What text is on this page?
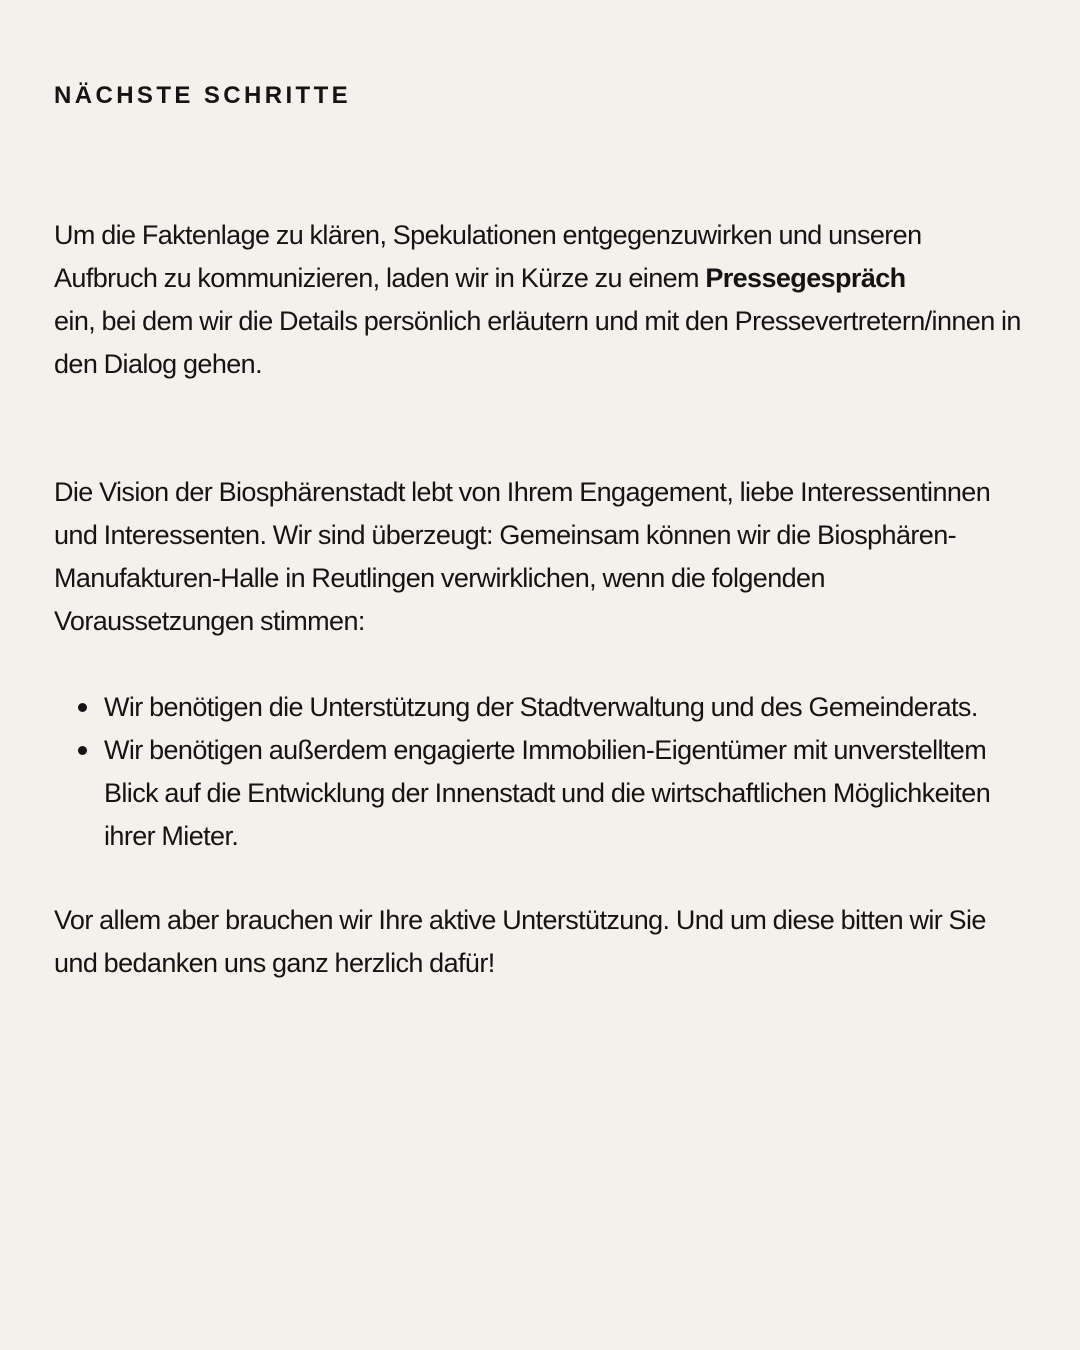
NÄCHSTE SCHRITTE

Um die Faktenlage zu klären, Spekulationen entgegenzuwirken und unseren Aufbruch zu kommunizieren, laden wir in Kürze zu einem Pressegespräch
ein, bei dem wir die Details persönlich erläutern und mit den Pressevertretern/innen in den Dialog gehen.

Die Vision der Biosphärenstadt lebt von Ihrem Engagement, liebe Interessentinnen und Interessenten. Wir sind überzeugt: Gemeinsam können wir die Biosphären-Manufakturen-Halle in Reutlingen verwirklichen, wenn die folgenden Voraussetzungen stimmen:

Wir benötigen die Unterstützung der Stadtverwaltung und des Gemeinderats.
Wir benötigen außerdem engagierte Immobilien-Eigentümer mit unverstelltem Blick auf die Entwicklung der Innenstadt und die wirtschaftlichen Möglichkeiten ihrer Mieter.

Vor allem aber brauchen wir Ihre aktive Unterstützung. Und um diese bitten wir Sie und bedanken uns ganz herzlich dafür!
